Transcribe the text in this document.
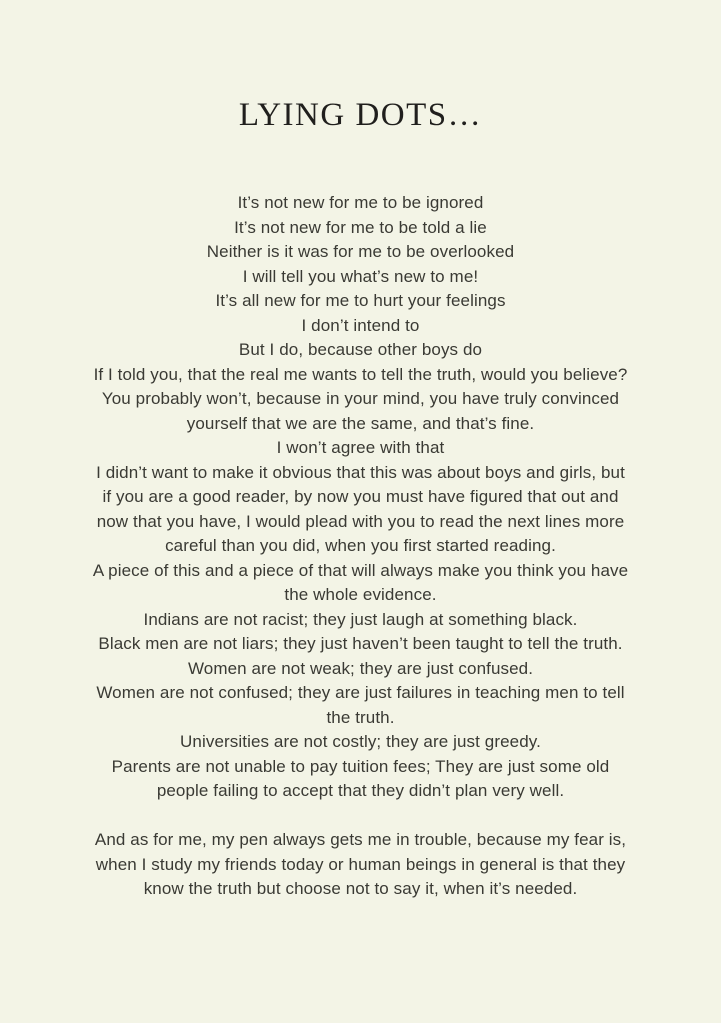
LYING DOTS…
It’s not new for me to be ignored
It’s not new for me to be told a lie
Neither is it was for me to be overlooked
I will tell you what’s new to me!
It’s all new for me to hurt your feelings
I don’t intend to
But I do, because other boys do
If I told you, that the real me wants to tell the truth, would you believe?
You probably won’t, because in your mind, you have truly convinced
yourself that we are the same, and that’s fine.
I won’t agree with that
I didn’t want to make it obvious that this was about boys and girls, but
if you are a good reader, by now you must have figured that out and
now that you have, I would plead with you to read the next lines more
careful than you did, when you first started reading.
A piece of this and a piece of that will always make you think you have
the whole evidence.
Indians are not racist; they just laugh at something black.
Black men are not liars; they just haven’t been taught to tell the truth.
Women are not weak; they are just confused.
Women are not confused; they are just failures in teaching men to tell
the truth.
Universities are not costly; they are just greedy.
Parents are not unable to pay tuition fees; They are just some old
people failing to accept that they didn’t plan very well.
And as for me, my pen always gets me in trouble, because my fear is,
when I study my friends today or human beings in general is that they
know the truth but choose not to say it, when it’s needed.
